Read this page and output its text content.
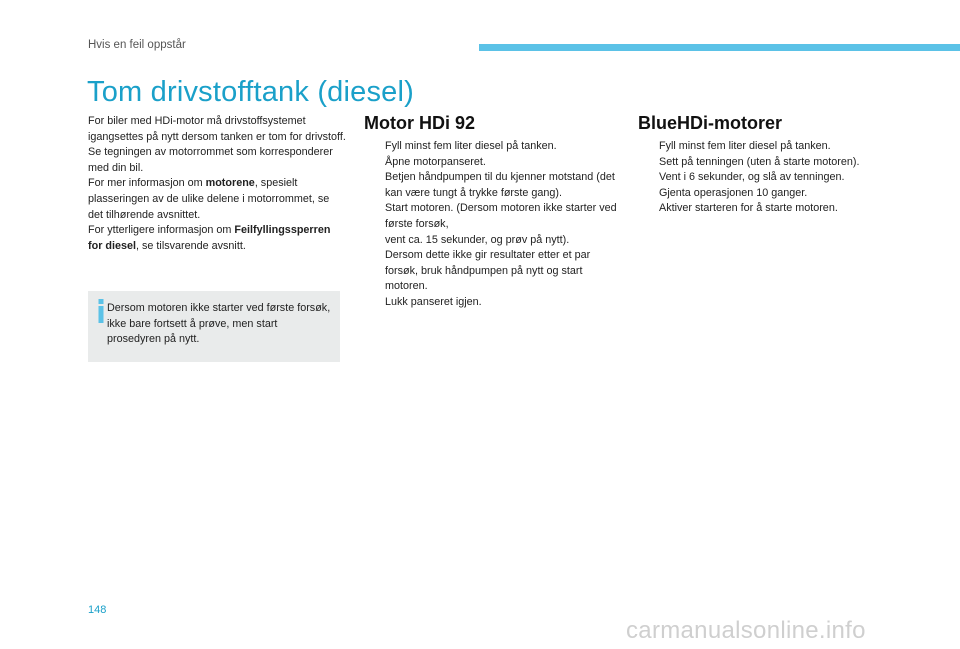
Hvis en feil oppstår
Tom drivstofftank (diesel)

For biler med HDi-motor må drivstoffsystemet igangsettes på nytt dersom tanken er tom for drivstoff. Se tegningen av motorrommet som korresponderer med din bil.

For mer informasjon om motorene, spesielt plasseringen av de ulike delene i motorrommet, se det tilhørende avsnittet.

For ytterligere informasjon om Feilfyllingssperren for diesel, se tilsvarende avsnitt.

Dersom motoren ikke starter ved første forsøk, ikke bare fortsett å prøve, men start prosedyren på nytt.
Motor HDi 92
Fyll minst fem liter diesel på tanken.
Åpne motorpanseret.
Betjen håndpumpen til du kjenner motstand (det kan være tungt å trykke første gang).
Start motoren. (Dersom motoren ikke starter ved første forsøk,
vent ca. 15 sekunder, og prøv på nytt).
Dersom dette ikke gir resultater etter et par forsøk, bruk håndpumpen på nytt og start motoren.
Lukk panseret igjen.
BlueHDi-motorer
Fyll minst fem liter diesel på tanken.
Sett på tenningen (uten å starte motoren).
Vent i 6 sekunder, og slå av tenningen.
Gjenta operasjonen 10 ganger.
Aktiver starteren for å starte motoren.
148
carmanualsonline.info
